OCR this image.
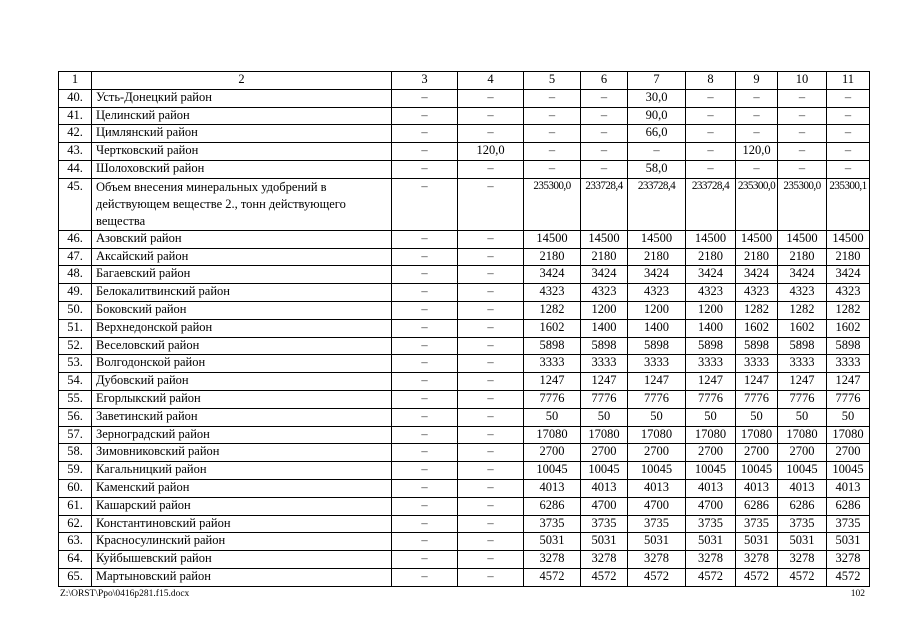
1	2	3	4	5	6	7	8	9	10	11
40.	Усть-Донецкий район	–	–	–	–	30,0	–	–	–	–
41.	Целинский район	–	–	–	–	90,0	–	–	–	–
42.	Цимлянский район	–	–	–	–	66,0	–	–	–	–
43.	Чертковский район	–	120,0	–	–	–	–	120,0	–	–
44.	Шолоховский район	–	–	–	–	58,0	–	–	–	–
45.	Объем внесения минеральных удобрений в действующем веществе 2., тонн действующего вещества	–	–	235300,0	233728,4	233728,4	233728,4	235300,0	235300,0	235300,1
46.	Азовский район	–	–	14500	14500	14500	14500	14500	14500	14500
47.	Аксайский район	–	–	2180	2180	2180	2180	2180	2180	2180
48.	Багаевский район	–	–	3424	3424	3424	3424	3424	3424	3424
49.	Белокалитвинский район	–	–	4323	4323	4323	4323	4323	4323	4323
50.	Боковский район	–	–	1282	1200	1200	1200	1282	1282	1282
51.	Верхнедонской район	–	–	1602	1400	1400	1400	1602	1602	1602
52.	Веселовский район	–	–	5898	5898	5898	5898	5898	5898	5898
53.	Волгодонской район	–	–	3333	3333	3333	3333	3333	3333	3333
54.	Дубовский район	–	–	1247	1247	1247	1247	1247	1247	1247
55.	Егорлыкский район	–	–	7776	7776	7776	7776	7776	7776	7776
56.	Заветинский район	–	–	50	50	50	50	50	50	50
57.	Зерноградский район	–	–	17080	17080	17080	17080	17080	17080	17080
58.	Зимовниковский район	–	–	2700	2700	2700	2700	2700	2700	2700
59.	Кагальницкий район	–	–	10045	10045	10045	10045	10045	10045	10045
60.	Каменский район	–	–	4013	4013	4013	4013	4013	4013	4013
61.	Кашарский район	–	–	6286	4700	4700	4700	6286	6286	6286
62.	Константиновский район	–	–	3735	3735	3735	3735	3735	3735	3735
63.	Красносулинский район	–	–	5031	5031	5031	5031	5031	5031	5031
64.	Куйбышевский район	–	–	3278	3278	3278	3278	3278	3278	3278
65.	Мартыновский район	–	–	4572	4572	4572	4572	4572	4572	4572
Z:\ORST\Ppo\0416p281.f15.docx	102
